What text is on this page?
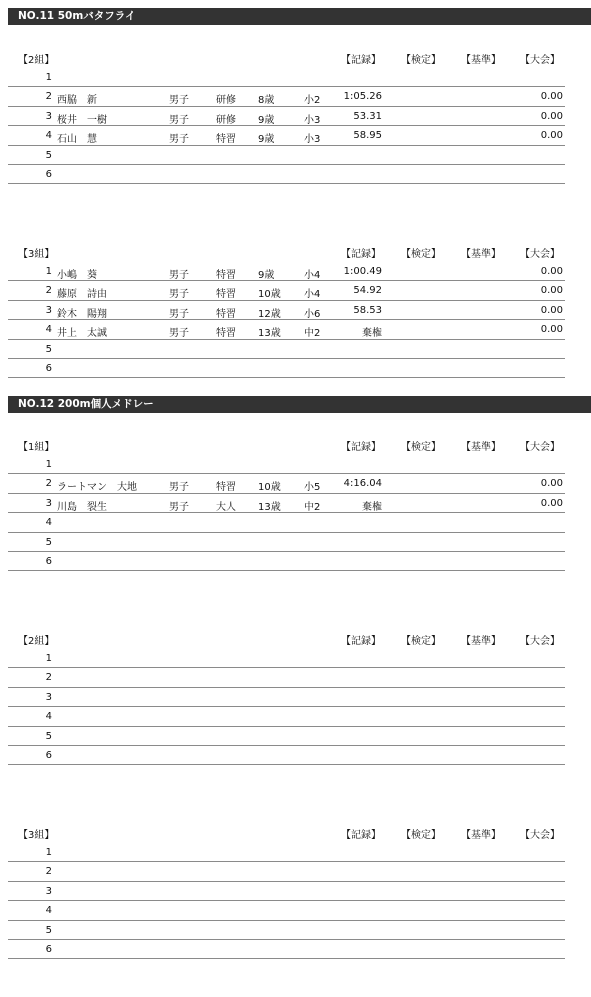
NO.11 50mバタフライ
NO.12 200m個人メドレー
【2組】	【記録】 【検定】 【基準】 【大会】
1
2 西脇　新	男子	研修 8歳	小2	1:05.26	0.00
3 桜井　一樹	男子	研修 9歳	小3	53.31	0.00
4 石山　慧	男子	特習 9歳	小3	58.95	0.00
5
6
【3組】	【記録】 【検定】 【基準】 【大会】
1 小嶋　葵	男子	特習 9歳	小4	1:00.49	0.00
2 藤原　詩由	男子	特習 10歳 小4	54.92	0.00
3 鈴木　陽翔	男子	特習 12歳 小6	58.53	0.00
4 井上　太誠	男子	特習 13歳 中2	棄権	0.00
5
6
【1組】	【記録】 【検定】 【基準】 【大会】
1
2 ラートマン　大地	男子	特習 10歳 小5	4:16.04	0.00
3 川島　裂生	男子	大人 13歳 中2	棄権	0.00
4
5
6
【2組】	【記録】 【検定】 【基準】 【大会】
1
2
3
4
5
6
【3組】	【記録】 【検定】 【基準】 【大会】
1
2
3
4
5
6
